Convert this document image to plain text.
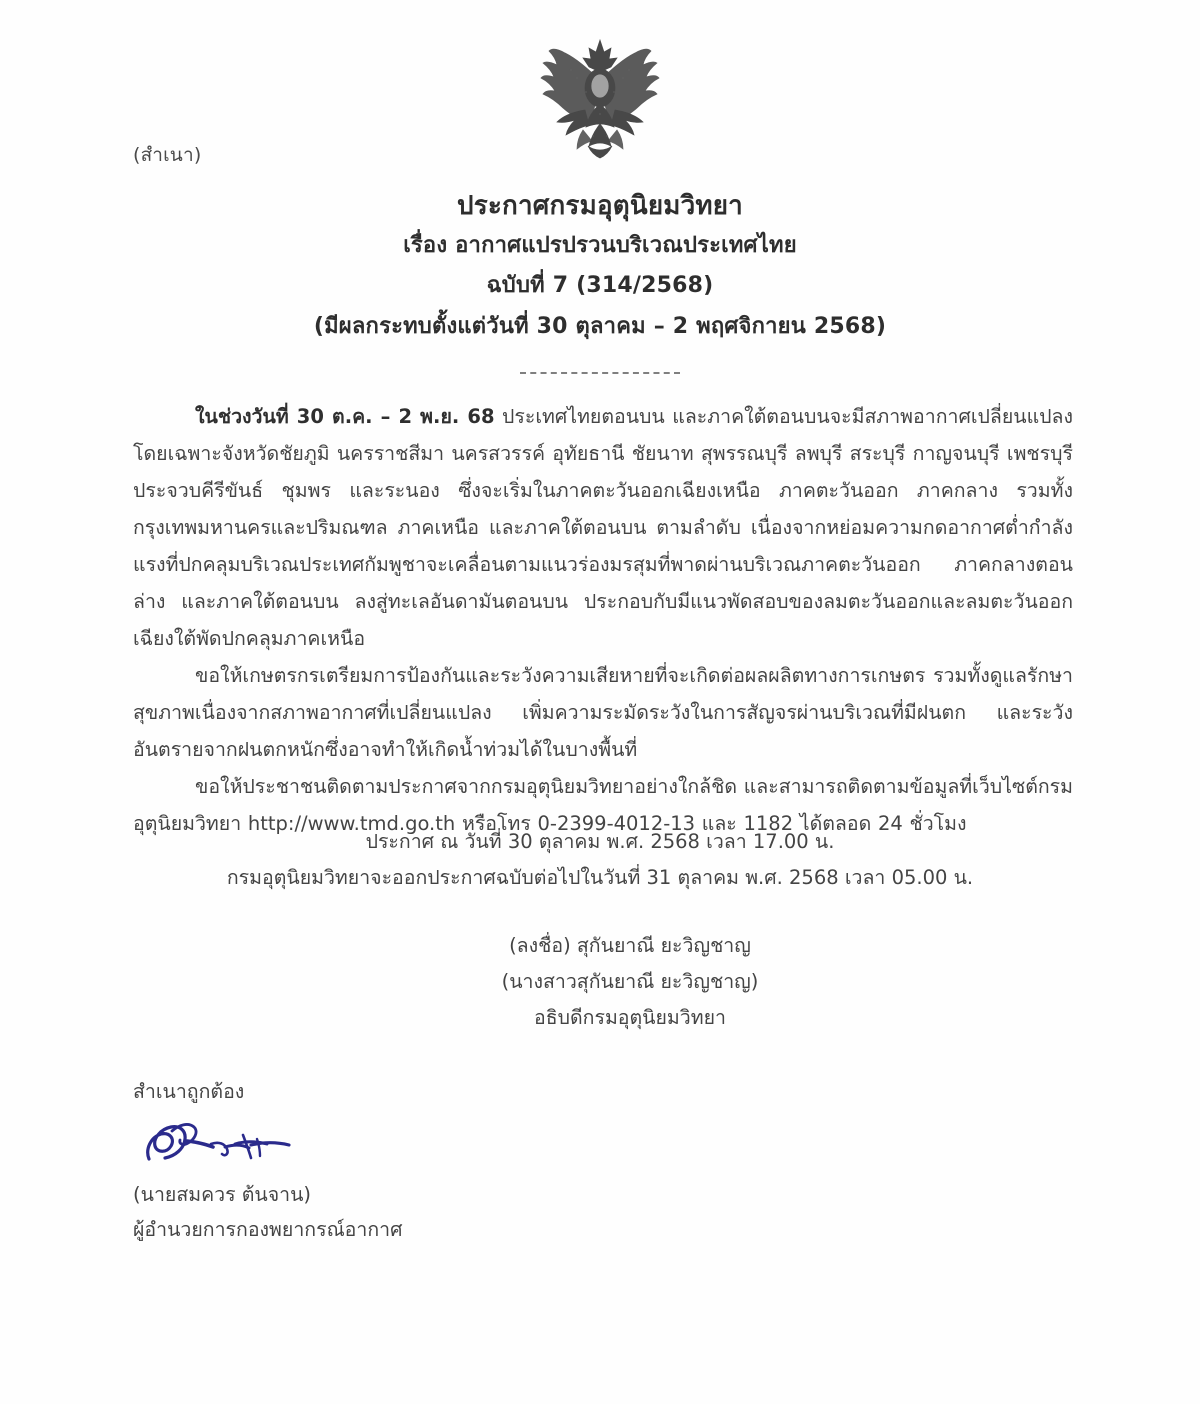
(สำเนา)
ประกาศกรมอุตุนิยมวิทยา
เรื่อง อากาศแปรปรวนบริเวณประเทศไทย
ฉบับที่ 7 (314/2568)
(มีผลกระทบตั้งแต่วันที่ 30 ตุลาคม – 2 พฤศจิกายน 2568)

ในช่วงวันที่ 30 ต.ค. – 2 พ.ย. 68 ประเทศไทยตอนบน และภาคใต้ตอนบนจะมีสภาพอากาศเปลี่ยนแปลง โดยเฉพาะจังหวัดชัยภูมิ นครราชสีมา นครสวรรค์ อุทัยธานี ชัยนาท สุพรรณบุรี ลพบุรี สระบุรี กาญจนบุรี เพชรบุรี ประจวบคีรีขันธ์ ชุมพร และระนอง ซึ่งจะเริ่มในภาคตะวันออกเฉียงเหนือ ภาคตะวันออก ภาคกลาง รวมทั้งกรุงเทพมหานครและปริมณฑล ภาคเหนือ และภาคใต้ตอนบน ตามลำดับ เนื่องจากหย่อมความกดอากาศต่ำกำลังแรงที่ปกคลุมบริเวณประเทศกัมพูชาจะเคลื่อนตามแนวร่องมรสุมที่พาดผ่านบริเวณภาคตะวันออก ภาคกลางตอนล่าง และภาคใต้ตอนบน ลงสู่ทะเลอันดามันตอนบน ประกอบกับมีแนวพัดสอบของลมตะวันออกและลมตะวันออกเฉียงใต้พัดปกคลุมภาคเหนือ

ขอให้เกษตรกรเตรียมการป้องกันและระวังความเสียหายที่จะเกิดต่อผลผลิตทางการเกษตร รวมทั้งดูแลรักษาสุขภาพเนื่องจากสภาพอากาศที่เปลี่ยนแปลง เพิ่มความระมัดระวังในการสัญจรผ่านบริเวณที่มีฝนตก และระวังอันตรายจากฝนตกหนักซึ่งอาจทำให้เกิดน้ำท่วมได้ในบางพื้นที่

ขอให้ประชาชนติดตามประกาศจากกรมอุตุนิยมวิทยาอย่างใกล้ชิด และสามารถติดตามข้อมูลที่เว็บไซต์กรมอุตุนิยมวิทยา http://www.tmd.go.th หรือโทร 0-2399-4012-13 และ 1182 ได้ตลอด 24 ชั่วโมง

ประกาศ ณ วันที่ 30 ตุลาคม พ.ศ. 2568 เวลา 17.00 น.
กรมอุตุนิยมวิทยาจะออกประกาศฉบับต่อไปในวันที่ 31 ตุลาคม พ.ศ. 2568 เวลา 05.00 น.
(ลงชื่อ) สุกันยาณี ยะวิญชาญ
(นางสาวสุกันยาณี ยะวิญชาญ)
อธิบดีกรมอุตุนิยมวิทยา
สำเนาถูกต้อง
(นายสมควร ต้นจาน)
ผู้อำนวยการกองพยากรณ์อากาศ
